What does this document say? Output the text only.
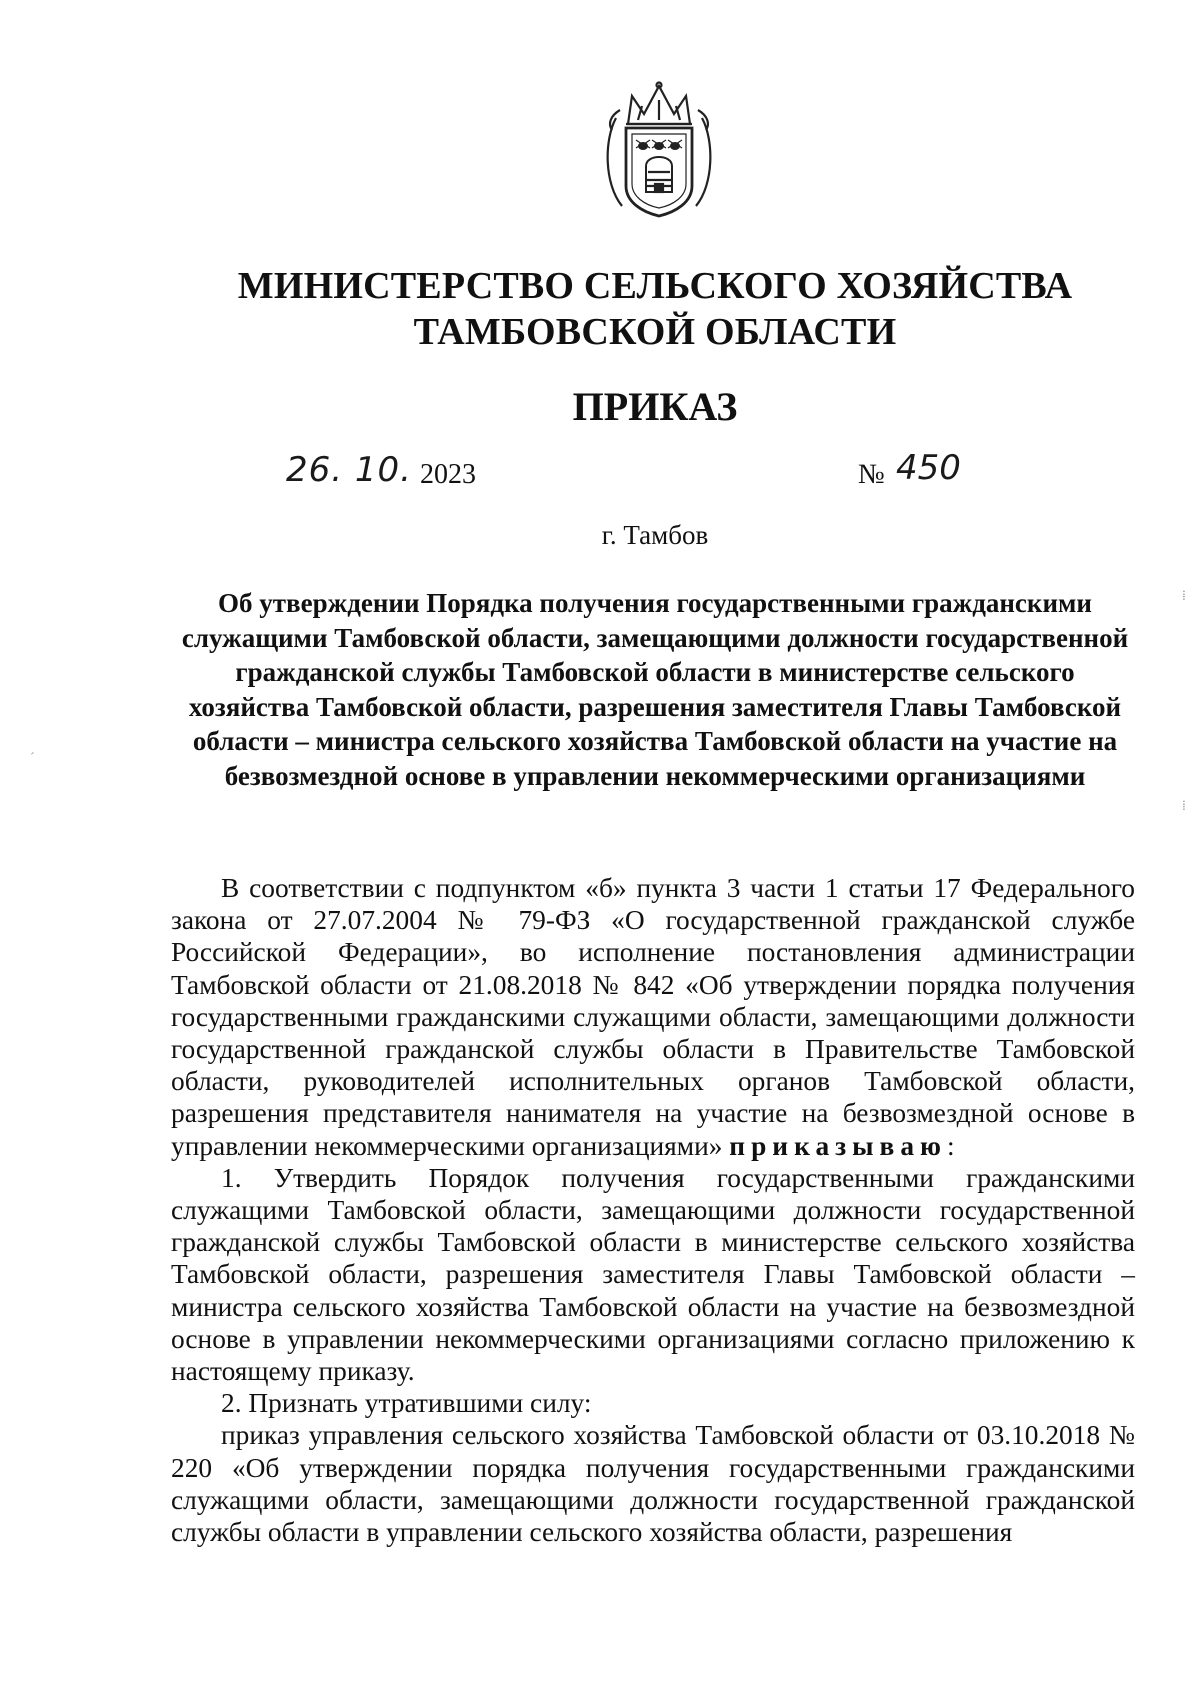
МИНИСТЕРСТВО СЕЛЬСКОГО ХОЗЯЙСТВА
ТАМБОВСКОЙ ОБЛАСТИ
ПРИКАЗ
26. 10. 2023	№ 450
г. Тамбов
Об утверждении Порядка получения государственными гражданскими служащими Тамбовской области, замещающими должности государственной гражданской службы Тамбовской области в министерстве сельского хозяйства Тамбовской области, разрешения заместителя Главы Тамбовской области – министра сельского хозяйства Тамбовской области на участие на безвозмездной основе в управлении некоммерческими организациями

В соответствии с подпунктом «б» пункта 3 части 1 статьи 17 Федерального закона от 27.07.2004 № 79-ФЗ «О государственной гражданской службе Российской Федерации», во исполнение постановления администрации Тамбовской области от 21.08.2018 № 842 «Об утверждении порядка получения государственными гражданскими служащими области, замещающими должности государственной гражданской службы области в Правительстве Тамбовской области, руководителей исполнительных органов Тамбовской области, разрешения представителя нанимателя на участие на безвозмездной основе в управлении некоммерческими организациями» приказываю:

1. Утвердить Порядок получения государственными гражданскими служащими Тамбовской области, замещающими должности государственной гражданской службы Тамбовской области в министерстве сельского хозяйства Тамбовской области, разрешения заместителя Главы Тамбовской области – министра сельского хозяйства Тамбовской области на участие на безвозмездной основе в управлении некоммерческими организациями согласно приложению к настоящему приказу.

2. Признать утратившими силу:

приказ управления сельского хозяйства Тамбовской области от 03.10.2018 № 220 «Об утверждении порядка получения государственными гражданскими служащими области, замещающими должности государственной гражданской службы области в управлении сельского хозяйства области, разрешения

⁞
⁞
ˊ
